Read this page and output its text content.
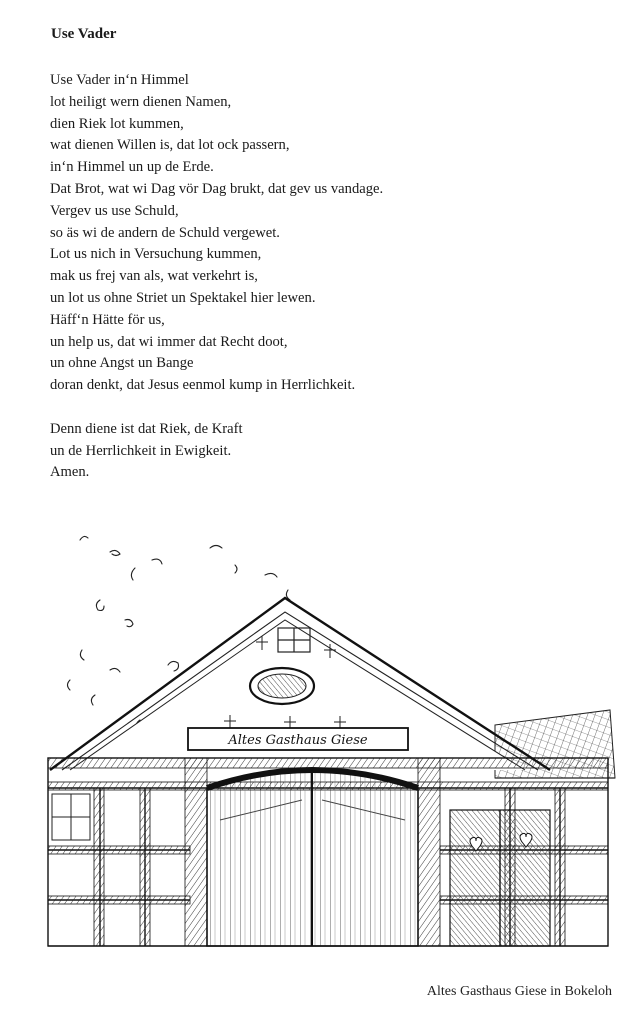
Use Vader

Use Vader in‘n Himmel
lot heiligt wern dienen Namen,
dien Riek lot kummen,
wat dienen Willen is, dat lot ock passern,
in‘n Himmel un up de Erde.
Dat Brot, wat wi Dag vör Dag brukt, dat gev us vandage.
Vergev us use Schuld,
so äs wi de andern de Schuld vergewet.
Lot us nich in Versuchung kummen,
mak us frej van als, wat verkehrt is,
un lot us ohne Striet un Spektakel hier lewen.
Häff‘n Hätte för us,
un help us, dat wi immer dat Recht doot,
un ohne Angst un Bange
doran denkt, dat Jesus eenmol kump in Herrlichkeit.

Denn diene ist dat Riek, de Kraft
un de Herrlichkeit in Ewigkeit.
Amen.

Altes Gasthaus Giese
Altes Gasthaus Giese in Bokeloh
